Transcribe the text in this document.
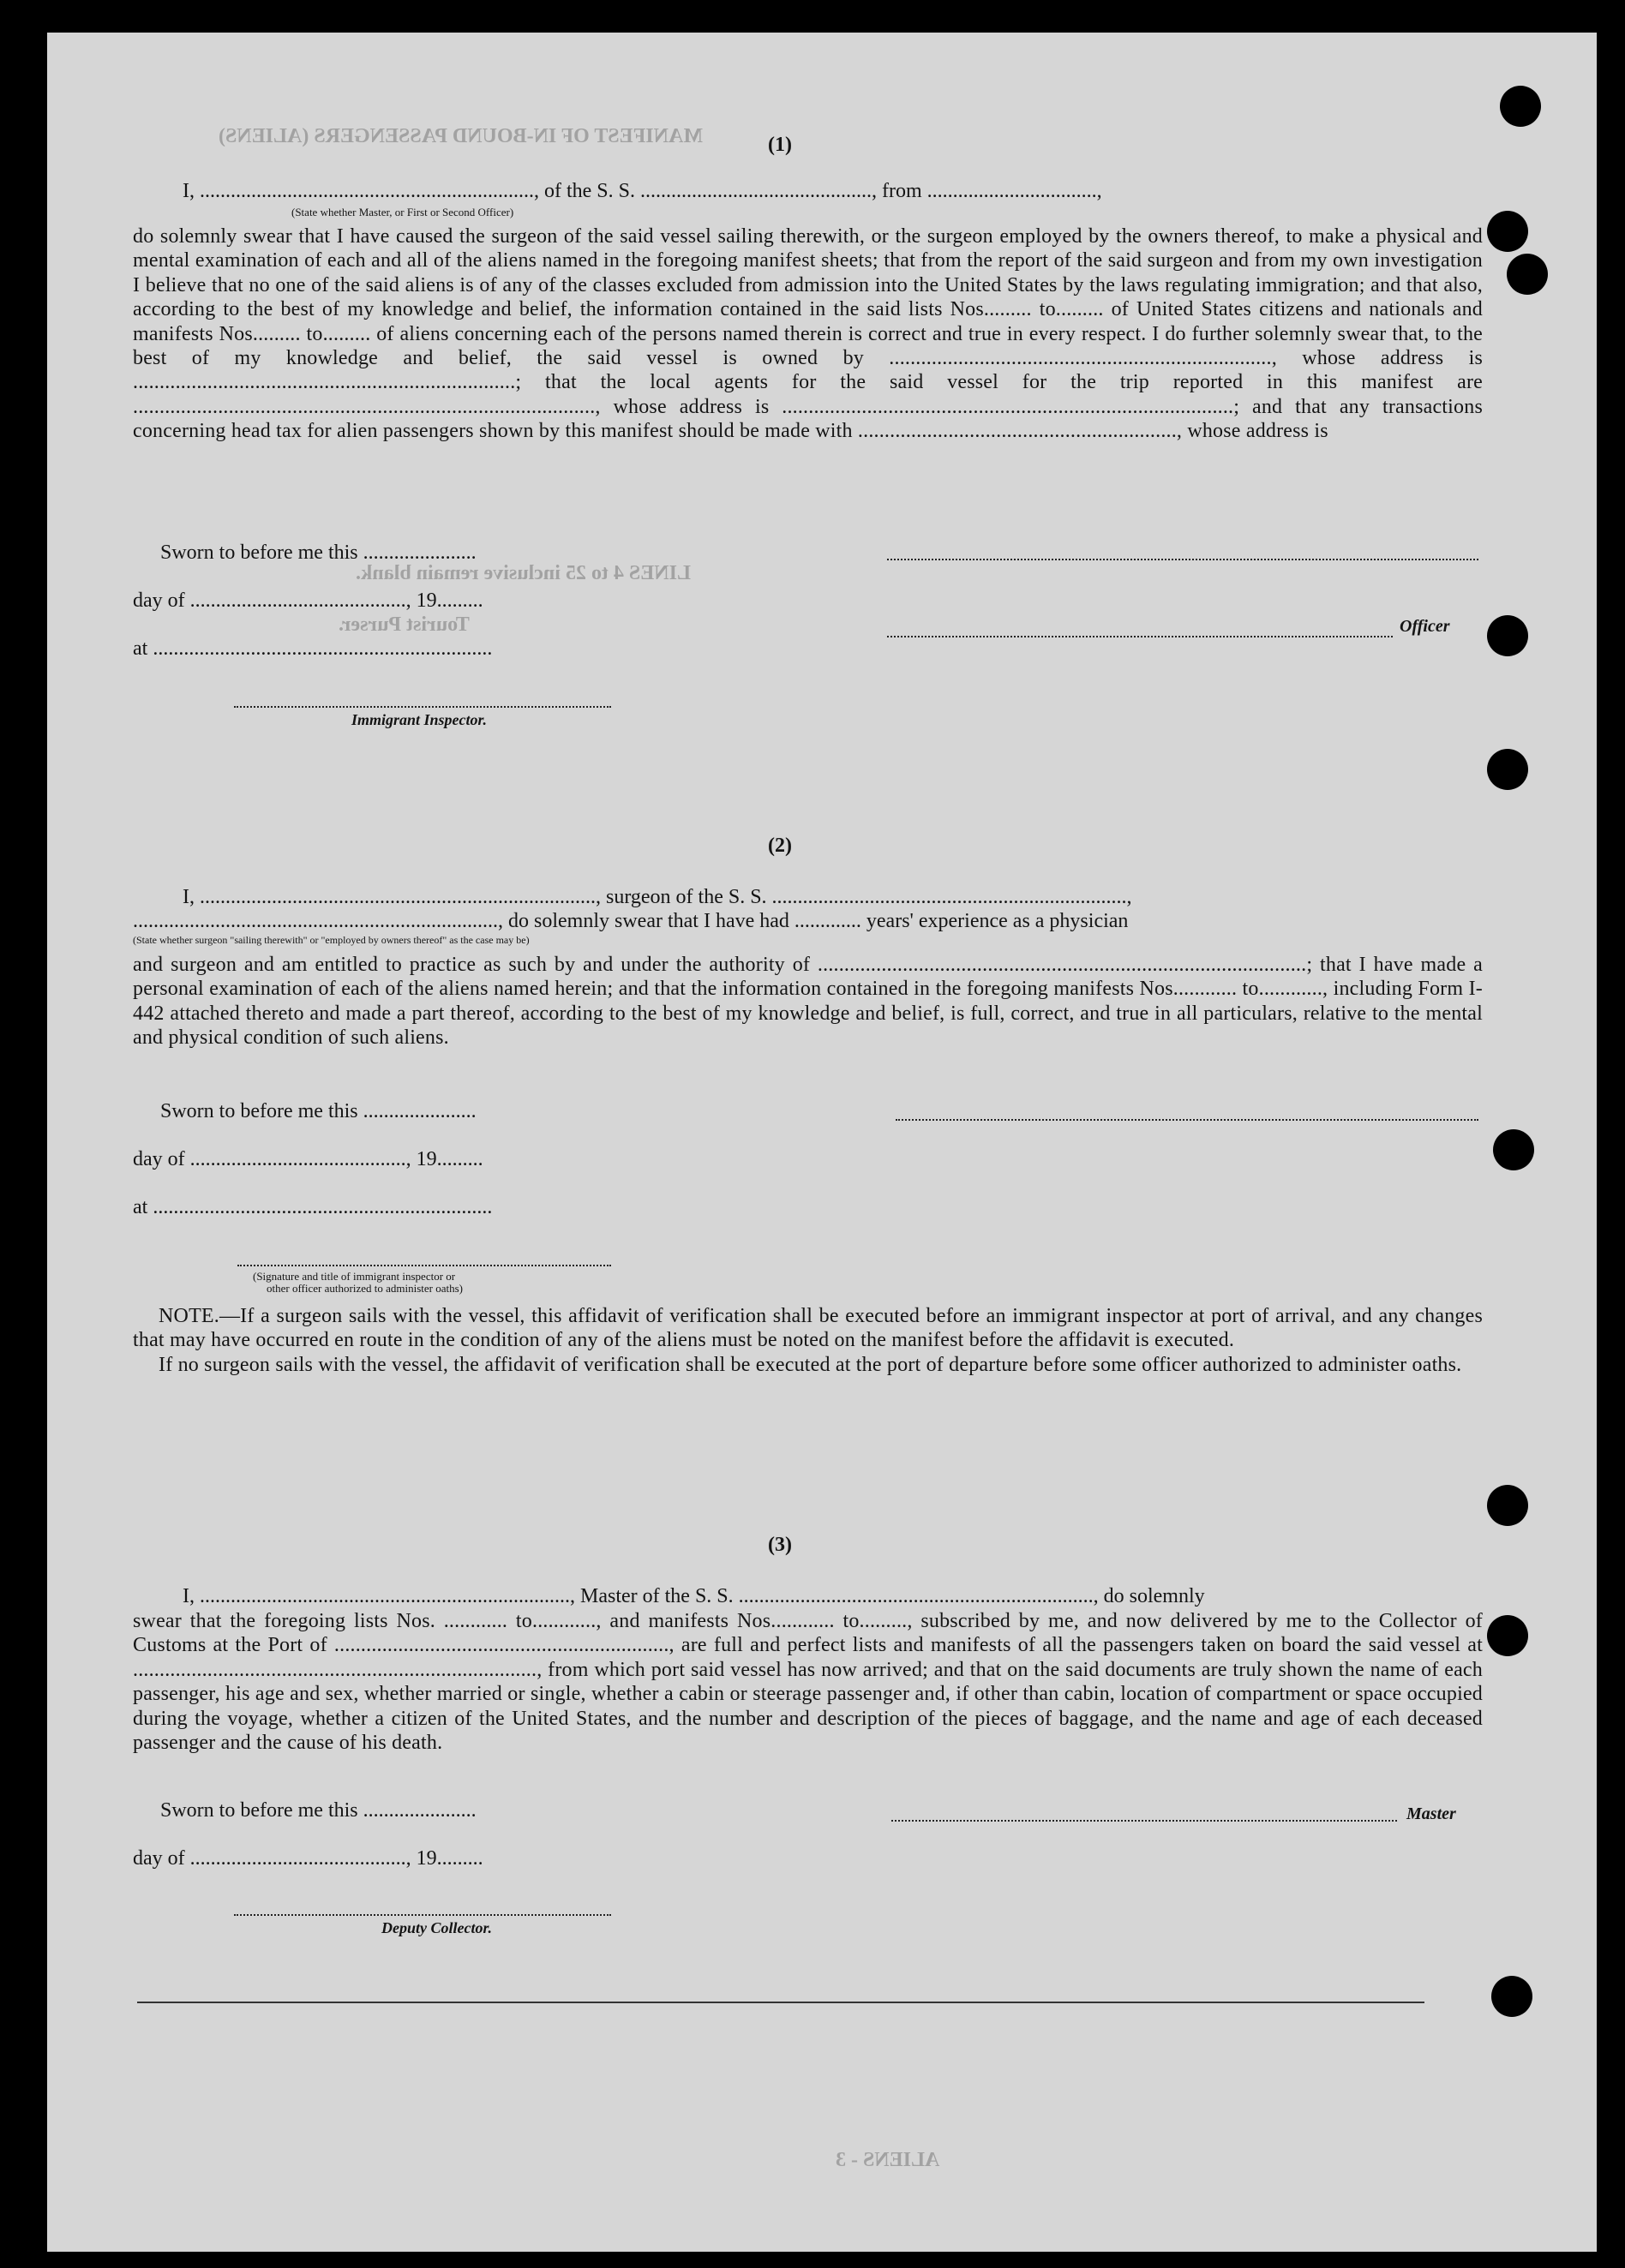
MANIFEST OF IN-BOUND PASSENGERS (ALIENS)
LINES 4 to 25 inclusive remain blank.
Tourist Purser.
ALIENS - 3
(1)
I, ................................................................., of the S. S. ............................................., from .................................,
(State whether Master, or First or Second Officer)

do solemnly swear that I have caused the surgeon of the said vessel sailing therewith, or the surgeon employed by the owners thereof, to make a physical and mental examination of each and all of the aliens named in the foregoing manifest sheets; that from the report of the said surgeon and from my own investigation I believe that no one of the said aliens is of any of the classes excluded from admission into the United States by the laws regulating immigration; and that also, according to the best of my knowledge and belief, the information contained in the said lists Nos......... to......... of United States citizens and nationals and manifests Nos......... to......... of aliens concerning each of the persons named therein is correct and true in every respect. I do further solemnly swear that, to the best of my knowledge and belief, the said vessel is owned by ........................................................................, whose address is ........................................................................; that the local agents for the said vessel for the trip reported in this manifest are ......................................................................................., whose address is .....................................................................................; and that any transactions concerning head tax for alien passengers shown by this manifest should be made with ............................................................, whose address is

Sworn to before me this ......................
day of .........................................., 19.........
Officer
at ..................................................................
Immigrant Inspector.
(2)
I, ............................................................................., surgeon of the S. S. .....................................................................,
......................................................................., do solemnly swear that I have had ............. years' experience as a physician
(State whether surgeon "sailing therewith" or "employed by owners thereof" as the case may be)

and surgeon and am entitled to practice as such by and under the authority of ............................................................................................; that I have made a personal examination of each of the aliens named herein; and that the information contained in the foregoing manifests Nos............ to............, including Form I-442 attached thereto and made a part thereof, according to the best of my knowledge and belief, is full, correct, and true in all particulars, relative to the mental and physical condition of such aliens.

Sworn to before me this ......................
day of .........................................., 19.........
at ..................................................................
(Signature and title of immigrant inspector or
other officer authorized to administer oaths)

NOTE.—If a surgeon sails with the vessel, this affidavit of verification shall be executed before an immigrant inspector at port of arrival, and any changes that may have occurred en route in the condition of any of the aliens must be noted on the manifest before the affidavit is executed.

If no surgeon sails with the vessel, the affidavit of verification shall be executed at the port of departure before some officer authorized to administer oaths.

(3)
I, ........................................................................, Master of the S. S. ....................................................................., do solemnly

swear that the foregoing lists Nos. ............ to............, and manifests Nos............ to........., subscribed by me, and now delivered by me to the Collector of Customs at the Port of ..............................................................., are full and perfect lists and manifests of all the passengers taken on board the said vessel at ............................................................................, from which port said vessel has now arrived; and that on the said documents are truly shown the name of each passenger, his age and sex, whether married or single, whether a cabin or steerage passenger and, if other than cabin, location of compartment or space occupied during the voyage, whether a citizen of the United States, and the number and description of the pieces of baggage, and the name and age of each deceased passenger and the cause of his death.

Sworn to before me this ......................	Master
day of .........................................., 19.........
Deputy Collector.
